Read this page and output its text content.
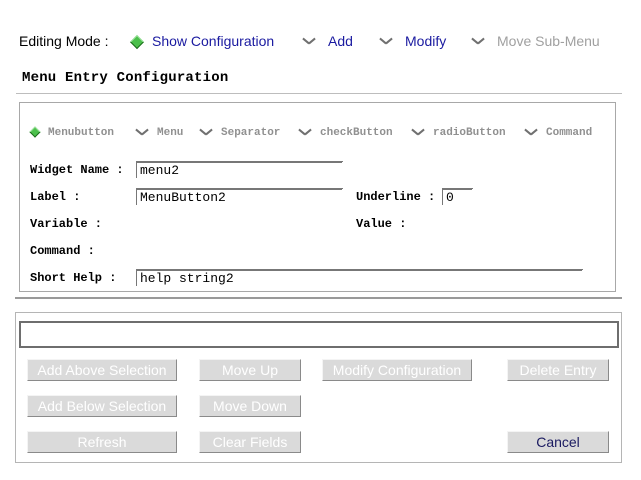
Editing Mode :	Show Configuration	Add	Modify	Move Sub-Menu
Menu Entry Configuration
Menubutton	Menu	Separator	checkButton	radioButton	Command
Widget Name :
menu2
Label :
MenuButton2	Underline :
0
Variable :	Value :
Command :
Short Help :
help string2
Add Above Selection
Add Below Selection
Refresh
Move Up
Move Down
Clear Fields
Modify Configuration	Delete Entry
Cancel
